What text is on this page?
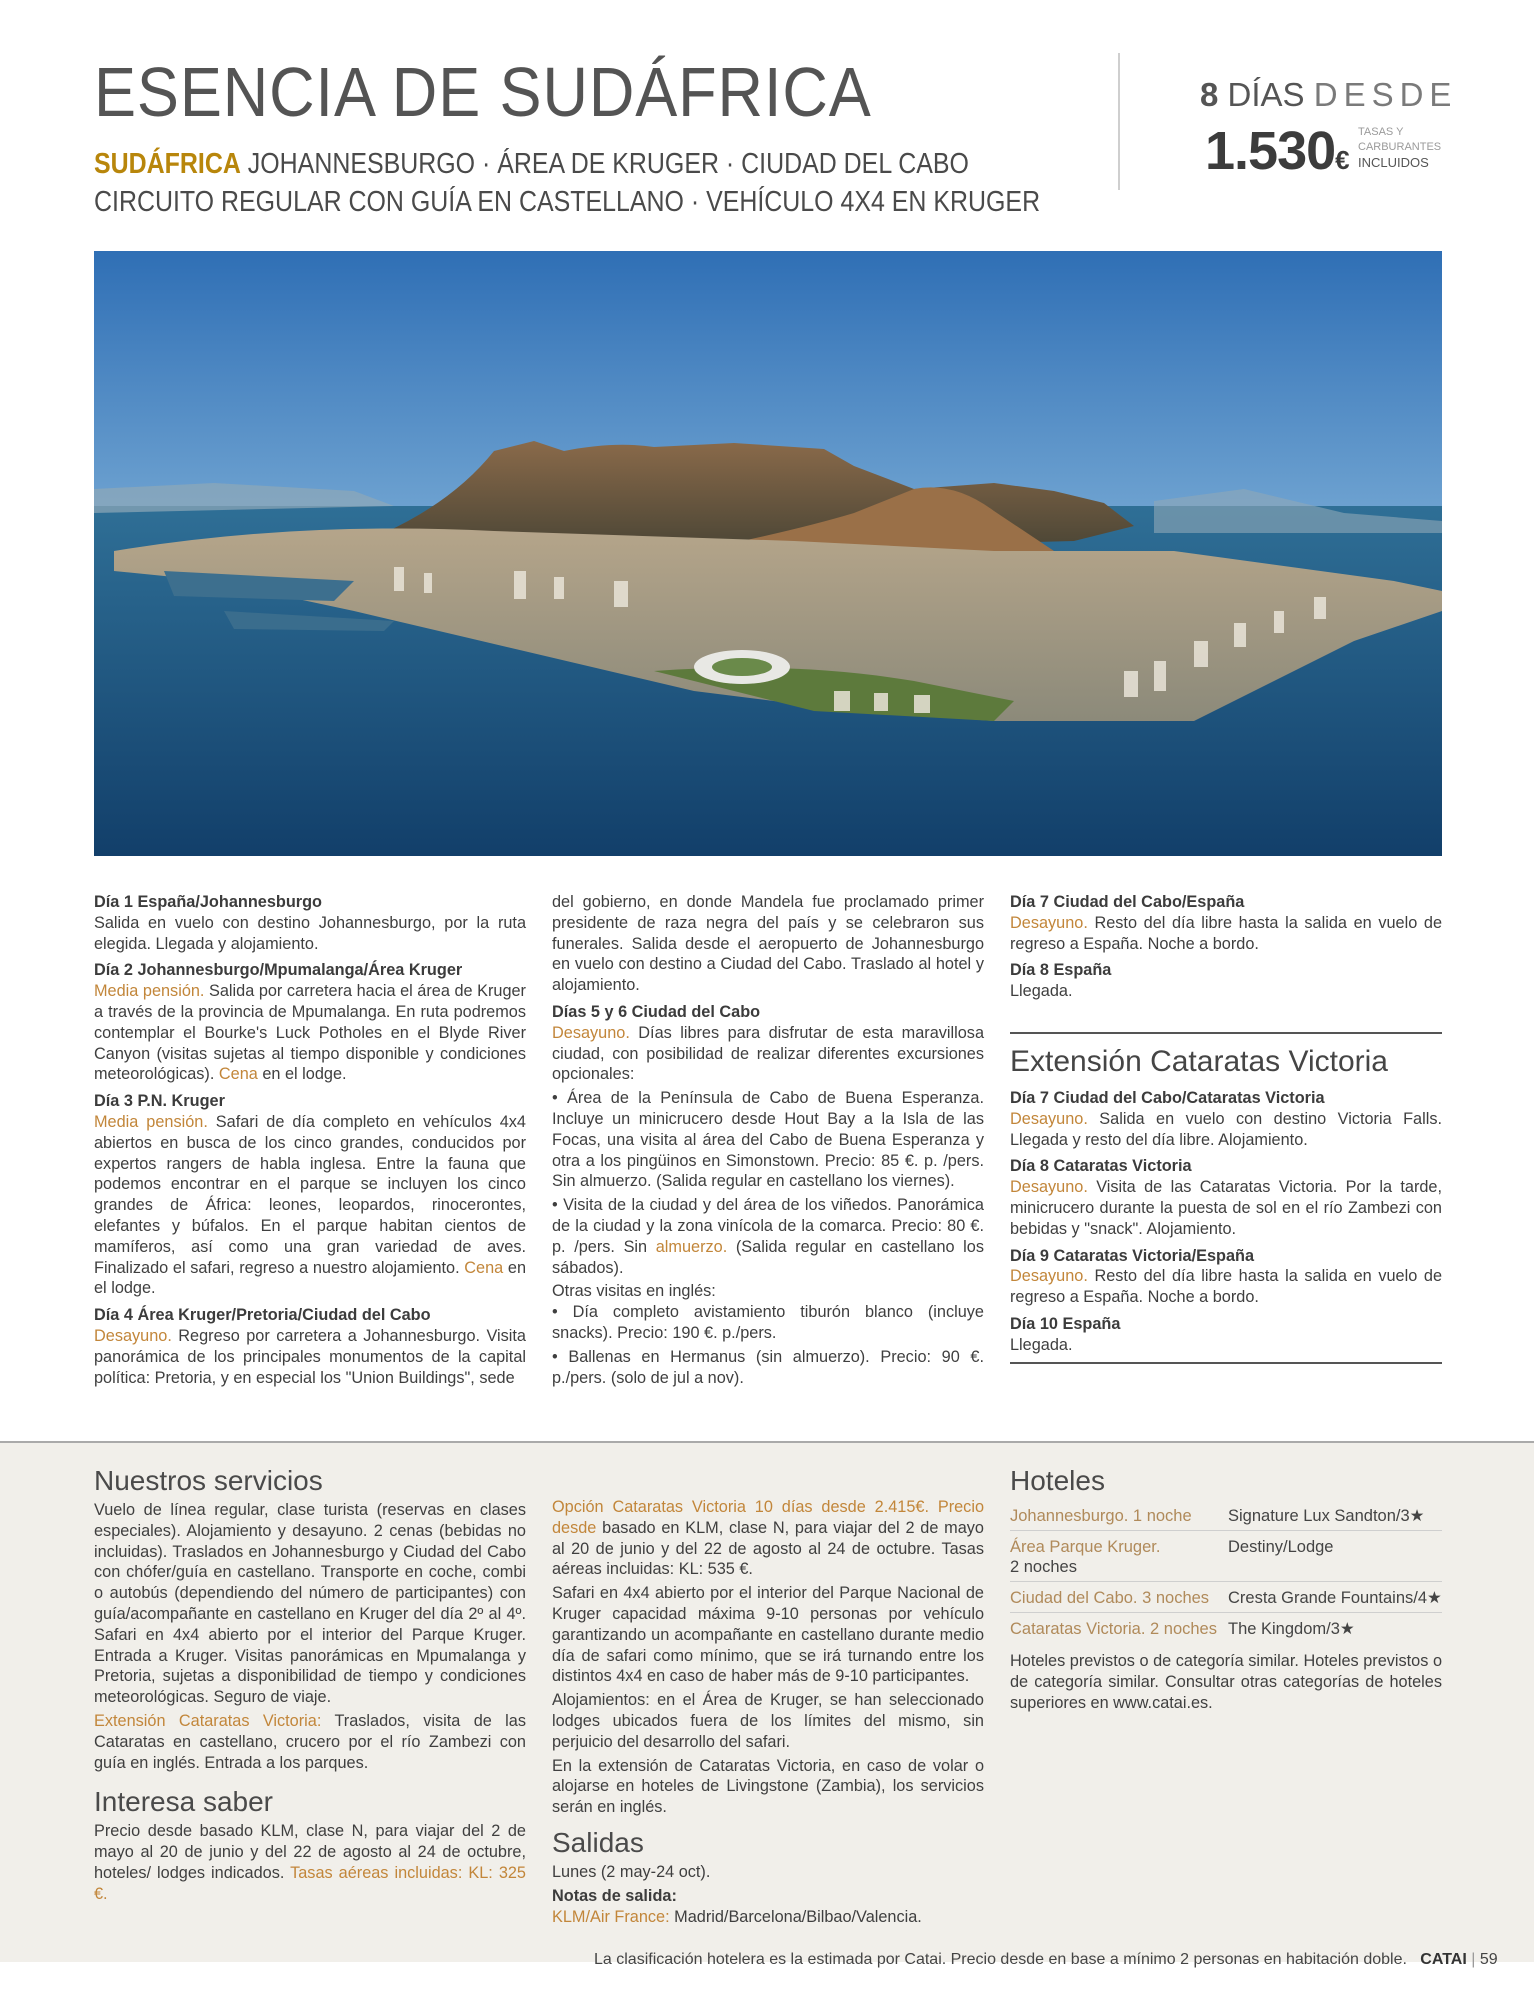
ESENCIA DE SUDÁFRICA
SUDÁFRICA JOHANNESBURGO · ÁREA DE KRUGER · CIUDAD DEL CABO
CIRCUITO REGULAR CON GUÍA EN CASTELLANO · VEHÍCULO 4X4 EN KRUGER
8 DÍAS DESDE
1.530€
TASAS Y
CARBURANTES
INCLUIDOS

Día 1 España/Johannesburgo
Salida en vuelo con destino Johannesburgo, por la ruta elegida. Llegada y alojamiento.

Día 2 Johannesburgo/Mpumalanga/Área Kruger
Media pensión. Salida por carretera hacia el área de Kruger a través de la provincia de Mpumalanga. En ruta podremos contemplar el Bourke's Luck Potholes en el Blyde River Canyon (visitas sujetas al tiempo disponible y condiciones meteorológicas). Cena en el lodge.

Día 3 P.N. Kruger
Media pensión. Safari de día completo en vehículos 4x4 abiertos en busca de los cinco grandes, conducidos por expertos rangers de habla inglesa. Entre la fauna que podemos encontrar en el parque se incluyen los cinco grandes de África: leones, leopardos, rinocerontes, elefantes y búfalos. En el parque habitan cientos de mamíferos, así como una gran variedad de aves. Finalizado el safari, regreso a nuestro alojamiento. Cena en el lodge.

Día 4 Área Kruger/Pretoria/Ciudad del Cabo
Desayuno. Regreso por carretera a Johannesburgo. Visita panorámica de los principales monumentos de la capital política: Pretoria, y en especial los "Union Buildings", sede

del gobierno, en donde Mandela fue proclamado primer presidente de raza negra del país y se celebraron sus funerales. Salida desde el aeropuerto de Johannesburgo en vuelo con destino a Ciudad del Cabo. Traslado al hotel y alojamiento.

Días 5 y 6 Ciudad del Cabo
Desayuno. Días libres para disfrutar de esta maravillosa ciudad, con posibilidad de realizar diferentes excursiones opcionales:

• Área de la Península de Cabo de Buena Esperanza. Incluye un minicrucero desde Hout Bay a la Isla de las Focas, una visita al área del Cabo de Buena Esperanza y otra a los pingüinos en Simonstown. Precio: 85 €. p. /pers. Sin almuerzo. (Salida regular en castellano los viernes).

• Visita de la ciudad y del área de los viñedos. Panorámica de la ciudad y la zona vinícola de la comarca. Precio: 80 €. p. /pers. Sin almuerzo. (Salida regular en castellano los sábados).

Otras visitas en inglés:

• Día completo avistamiento tiburón blanco (incluye snacks). Precio: 190 €. p./pers.

• Ballenas en Hermanus (sin almuerzo). Precio: 90 €. p./pers. (solo de jul a nov).

Día 7 Ciudad del Cabo/España
Desayuno. Resto del día libre hasta la salida en vuelo de regreso a España. Noche a bordo.

Día 8 España
Llegada.

Extensión Cataratas Victoria

Día 7 Ciudad del Cabo/Cataratas Victoria
Desayuno. Salida en vuelo con destino Victoria Falls. Llegada y resto del día libre. Alojamiento.

Día 8 Cataratas Victoria
Desayuno. Visita de las Cataratas Victoria. Por la tarde, minicrucero durante la puesta de sol en el río Zambezi con bebidas y "snack". Alojamiento.

Día 9 Cataratas Victoria/España
Desayuno. Resto del día libre hasta la salida en vuelo de regreso a España. Noche a bordo.

Día 10 España
Llegada.

Nuestros servicios

Vuelo de línea regular, clase turista (reservas en clases especiales). Alojamiento y desayuno. 2 cenas (bebidas no incluidas). Traslados en Johannesburgo y Ciudad del Cabo con chófer/guía en castellano. Transporte en coche, combi o autobús (dependiendo del número de participantes) con guía/acompañante en castellano en Kruger del día 2º al 4º. Safari en 4x4 abierto por el interior del Parque Kruger. Entrada a Kruger. Visitas panorámicas en Mpumalanga y Pretoria, sujetas a disponibilidad de tiempo y condiciones meteorológicas. Seguro de viaje.

Extensión Cataratas Victoria: Traslados, visita de las Cataratas en castellano, crucero por el río Zambezi con guía en inglés. Entrada a los parques.

Interesa saber

Precio desde basado KLM, clase N, para viajar del 2 de mayo al 20 de junio y del 22 de agosto al 24 de octubre, hoteles/ lodges indicados. Tasas aéreas incluidas: KL: 325 €.

Opción Cataratas Victoria 10 días desde 2.415€. Precio desde basado en KLM, clase N, para viajar del 2 de mayo al 20 de junio y del 22 de agosto al 24 de octubre. Tasas aéreas incluidas: KL: 535 €.

Safari en 4x4 abierto por el interior del Parque Nacional de Kruger capacidad máxima 9-10 personas por vehículo garantizando un acompañante en castellano durante medio día de safari como mínimo, que se irá turnando entre los distintos 4x4 en caso de haber más de 9-10 participantes.

Alojamientos: en el Área de Kruger, se han seleccionado lodges ubicados fuera de los límites del mismo, sin perjuicio del desarrollo del safari.

En la extensión de Cataratas Victoria, en caso de volar o alojarse en hoteles de Livingstone (Zambia), los servicios serán en inglés.

Salidas

Lunes (2 may-24 oct).

Notas de salida:
KLM/Air France: Madrid/Barcelona/Bilbao/Valencia.

Hoteles
Johannesburgo. 1 noche	Signature Lux Sandton/3★
Área Parque Kruger.
2 noches
Destiny/Lodge
Ciudad del Cabo. 3 noches	Cresta Grande Fountains/4★
Cataratas Victoria. 2 noches The Kingdom/3★
Hoteles previstos o de categoría similar. Hoteles previstos o de categoría similar. Consultar otras categorías de hoteles superiores en www.catai.es.
La clasificación hotelera es la estimada por Catai. Precio desde en base a mínimo 2 personas en habitación doble. CATAI | 59
